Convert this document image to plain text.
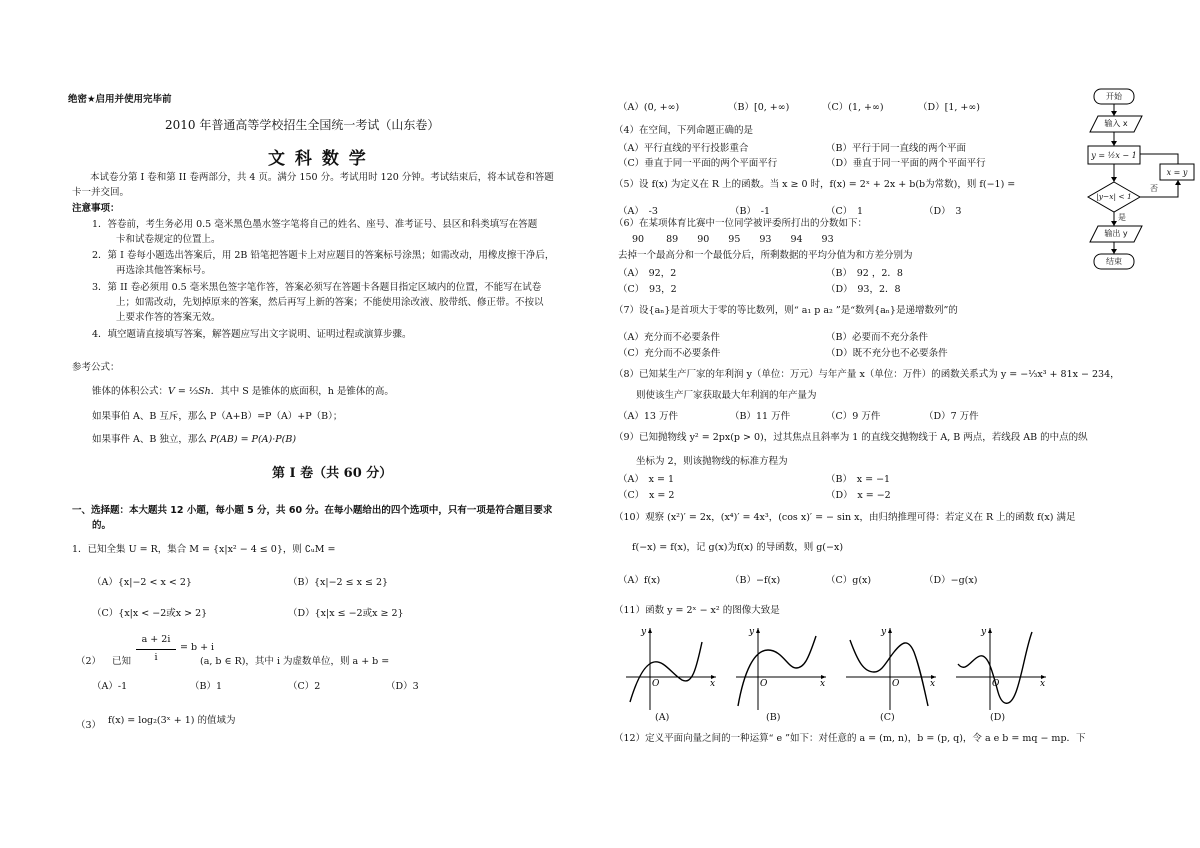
绝密★启用并使用完毕前
2010 年普通高等学校招生全国统一考试（山东卷）
文 科 数 学
本试卷分第 I 卷和第 II 卷两部分，共 4 页。满分 150 分。考试用时 120 分钟。考试结束后，将本试卷和答题
卡一并交回。
注意事项：
1．答卷前，考生务必用 0.5 毫米黑色墨水签字笔将自己的姓名、座号、准考证号、县区和科类填写在答题
卡和试卷规定的位置上。
2．第 I 卷每小题选出答案后，用 2B 铅笔把答题卡上对应题目的答案标号涂黑；如需改动，用橡皮擦干净后，
再选涂其他答案标号。
3．第 II 卷必须用 0.5 毫米黑色签字笔作答，答案必须写在答题卡各题目指定区域内的位置，不能写在试卷
上；如需改动，先划掉原来的答案，然后再写上新的答案；不能使用涂改液、胶带纸、修正带。不按以
上要求作答的答案无效。
4．填空题请直接填写答案，解答题应写出文字说明、证明过程或演算步骤。
参考公式：
锥体的体积公式：V = ⅓Sh．其中 S 是锥体的底面积，h 是锥体的高。
如果事伯 A、B 互斥，那么 P（A+B）=P（A）+P（B）；
如果事件 A、B 独立，那么 P(AB) = P(A)·P(B)
第 Ⅰ 卷（共 60 分）
一、选择题：本大题共 12 小题，每小题 5 分，共 60 分。在每小题给出的四个选项中，只有一项是符合题目要求
的。
1．已知全集 U = R，集合 M = {x|x² − 4 ≤ 0}，则 ∁ᵤM =
（A）{x|−2 < x < 2}	（B）{x|−2 ≤ x ≤ 2}
（C）{x|x < −2或x > 2}	（D）{x|x ≤ −2或x ≥ 2}
（2） 已知
a + 2i
i
= b + i
(a, b ∈ R)，其中 i 为虚数单位，则 a + b =
（A）-1	（B）1	（C）2	（D）3
（3） f(x) = log₂(3ˣ + 1) 的值域为
（A）(0, +∞)	（B）[0, +∞)	（C）(1, +∞)	（D）[1, +∞)
（4）在空间，下列命题正确的是
（A）平行直线的平行投影重合	（B）平行于同一直线的两个平面
（C）垂直于同一平面的两个平面平行	（D）垂直于同一平面的两个平面平行
（5）设 f(x) 为定义在 R 上的函数。当 x ≥ 0 时，f(x) = 2ˣ + 2x + b(b为常数)，则 f(−1) =
（A）　-3	（B）　-1	（C）　1	（D）　3
（6）在某项体育比赛中一位同学被评委所打出的分数如下：
90　　 89　　90　　95　　93　　94　　93
去掉一个最高分和一个最低分后，所剩数据的平均分值为和方差分别为
（A）　92，2	（B）　92 ，2．8
（C）　93，2	（D）　93，2．8
（7）设{aₙ}是首项大于零的等比数列，则“ a₁ p a₂ ”是“数列{aₙ}是递增数列”的
（A）充分而不必要条件	（B）必要而不充分条件
（C）充分而不必要条件	（D）既不充分也不必要条件
（8）已知某生产厂家的年利润 y（单位：万元）与年产量 x（单位：万件）的函数关系式为 y = −⅓x³ + 81x − 234，
则使该生产厂家获取最大年利润的年产量为
（A）13 万件	（B）11 万件	（C）9 万件	（D）7 万件
（9）已知抛物线 y² = 2px(p > 0)，过其焦点且斜率为 1 的直线交抛物线于 A, B 两点，若线段 AB 的中点的纵
坐标为 2，则该抛物线的标准方程为
（A）　x = 1	（B）　x = −1
（C）　x = 2	（D）　x = −2
（10）观察 (x²)′ = 2x，(x⁴)′ = 4x³，(cos x)′ = − sin x，由归纳推理可得：若定义在 R 上的函数 f(x) 满足
f(−x) = f(x)，记 g(x)为f(x) 的导函数，则 g(−x)
（A）f(x)	（B）−f(x)	（C）g(x)	（D）−g(x)
（11）函数 y = 2ˣ − x² 的图像大致是
y
x
O
y
x
O
y
x
O
y
x
O
(A)	(B)	(C)	(D)
（12）定义平面向量之间的一种运算“ e ”如下：对任意的 a = (m, n)，b = (p, q)，令 a e b = mq − mp．下
开始
输入 x
y = ½x − 1
|y−x| < 1
x = y
否
是
输出 y
结束
